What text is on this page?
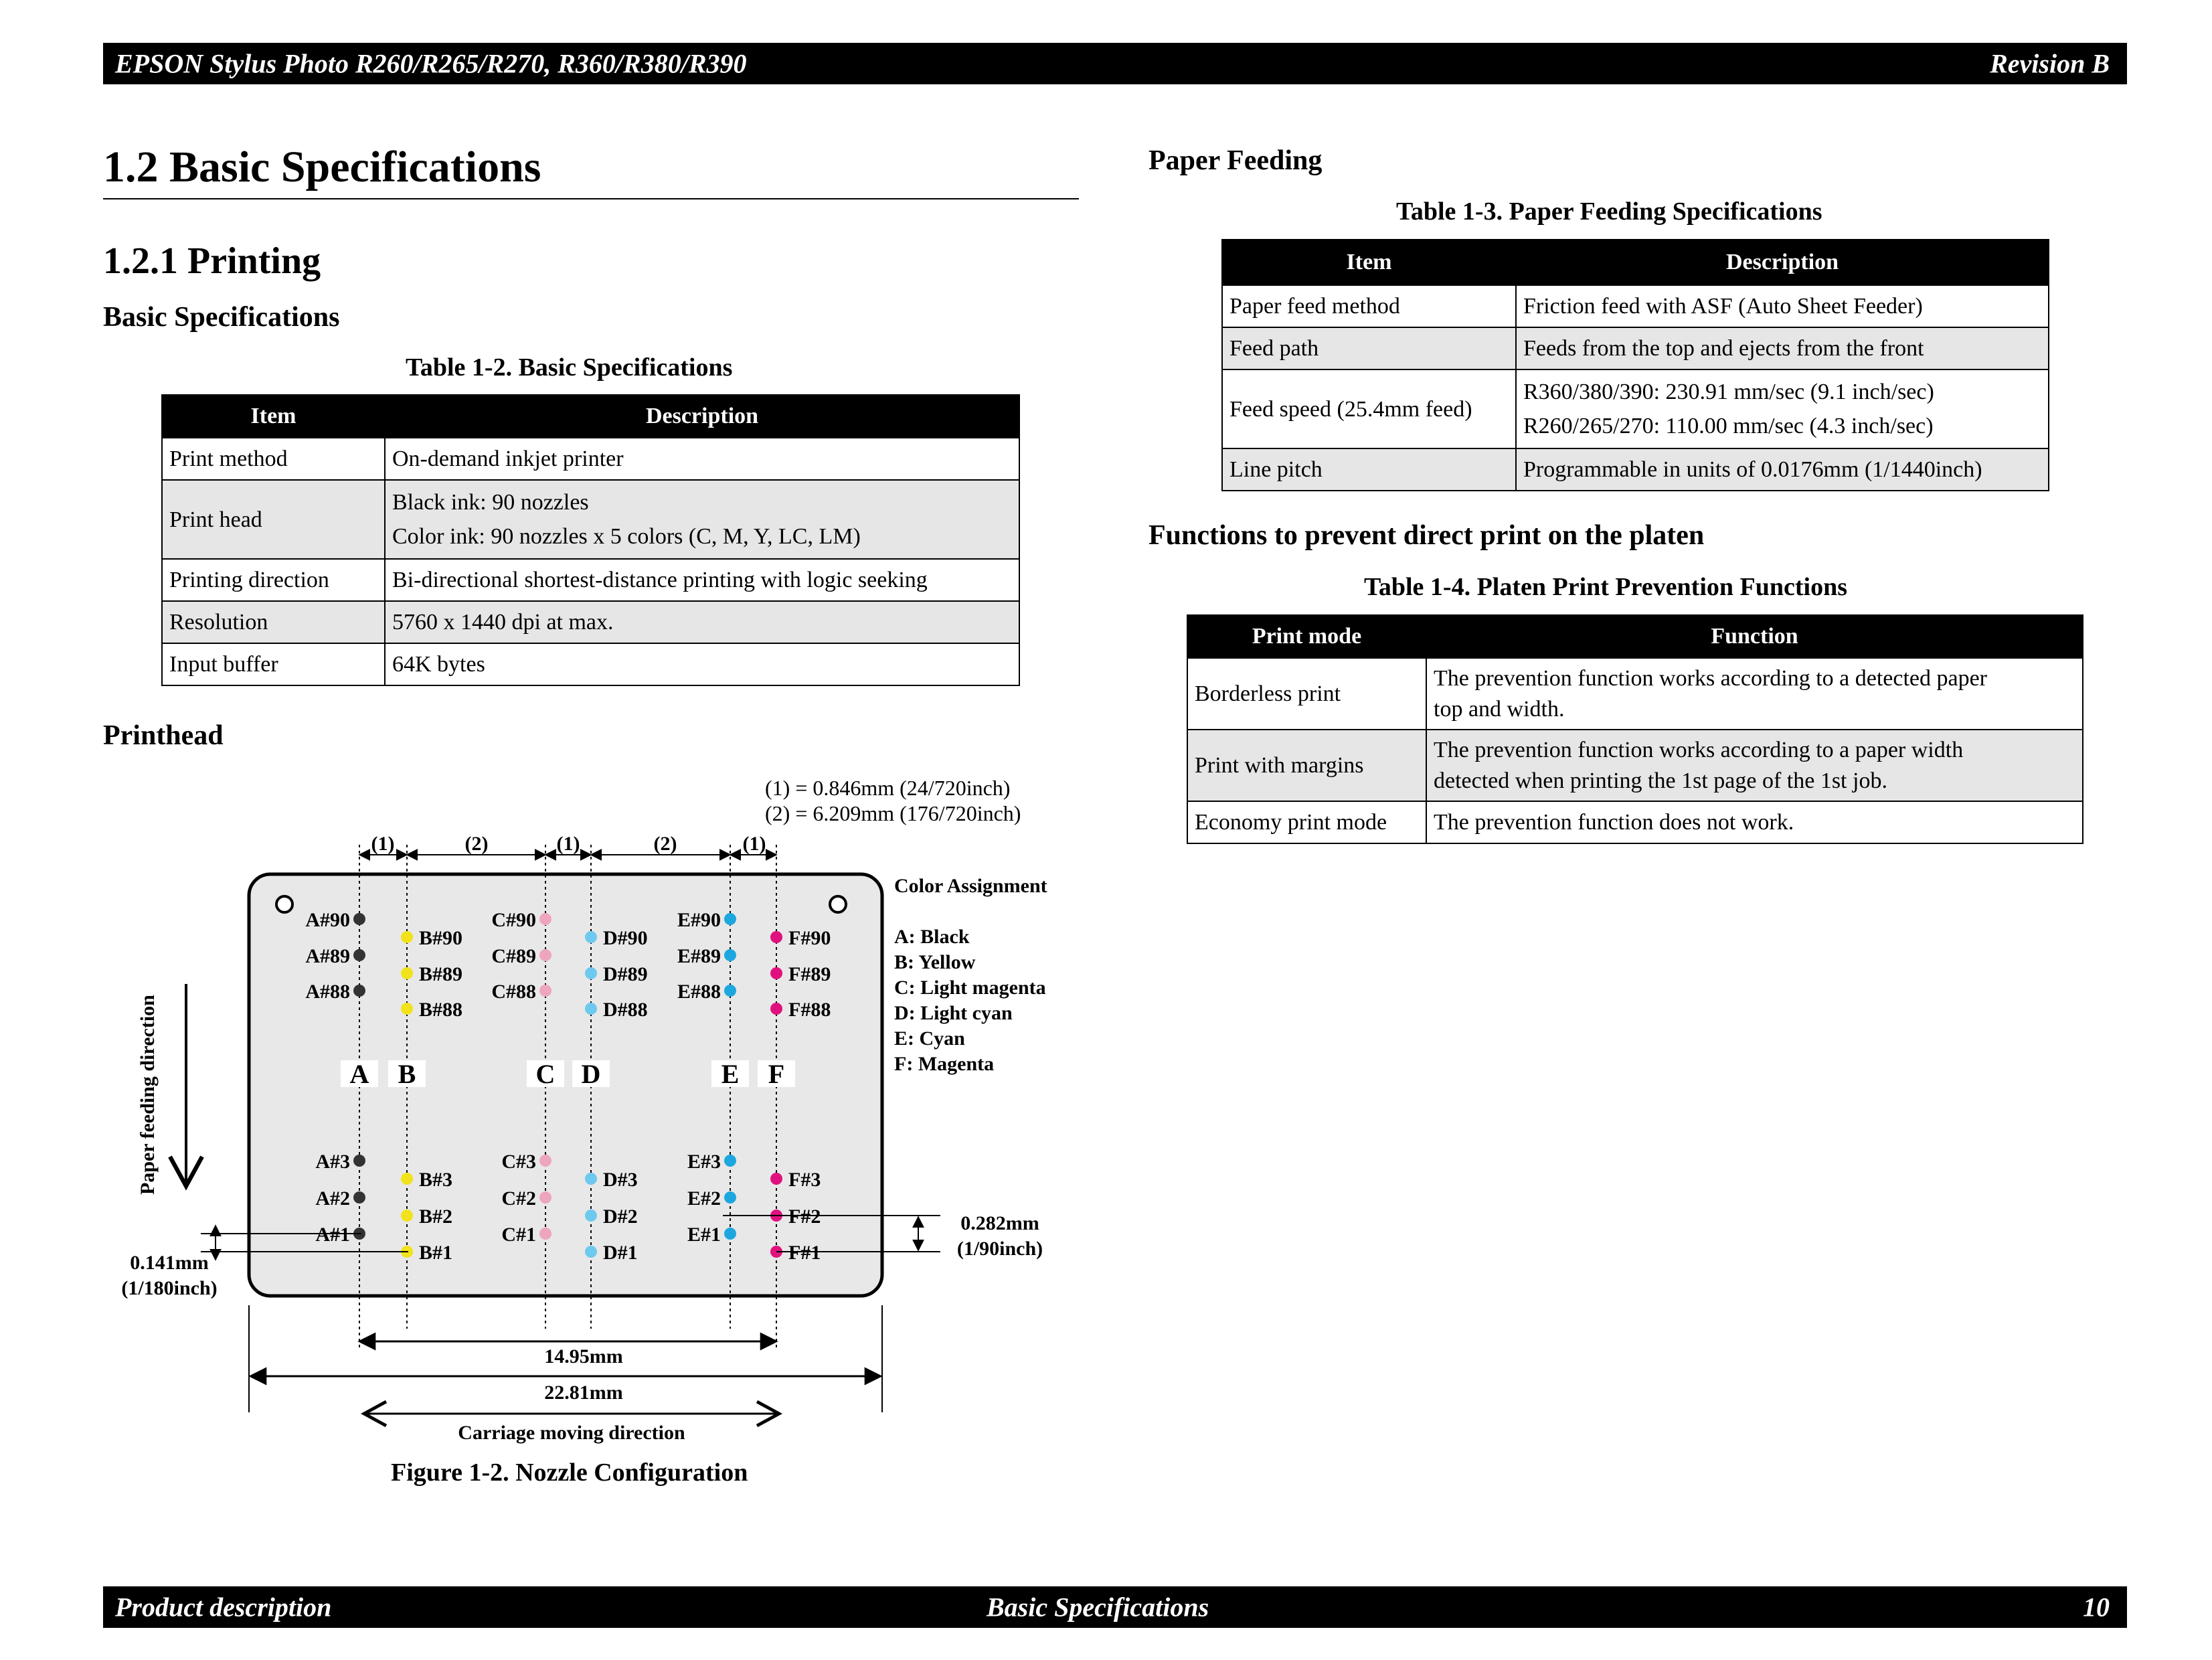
EPSON Stylus Photo R260/R265/R270, R360/R380/R390	Revision B
Product description	Basic Specifications	10
1.2 Basic Specifications
1.2.1 Printing
Basic Specifications
Table 1-2. Basic Specifications
Item	Description
Print method	On-demand inkjet printer

Print head	Black ink: 90 nozzles
Color ink: 90 nozzles x 5 colors (C, M, Y, LC, LM)

Printing direction	Bi-directional shortest-distance printing with logic seeking

Resolution	5760 x 1440 dpi at max.

Input buffer	64K bytes
Printhead
(1) = 0.846mm (24/720inch)
(2) = 6.209mm (176/720inch)
(1)	(2)	(1)	(2)	(1)
A#90
A#89
A#88
A#3
A#2
A#1
A
B#90
B#89
B#88
B#3
B#2
B#1
B
C#90
C#89
C#88
C#3
C#2
C#1
C
D#90
D#89
D#88
D#3
D#2
D#1
D
E#90
E#89
E#88
E#3
E#2
E#1
E
F#90
F#89
F#88
F#3
F#2
F#1
F
Paper feeding direction
Color Assignment
A: Black
B: Yellow
C: Light magenta
D: Light cyan
E: Cyan
F: Magenta
0.141mm
(1/180inch)
0.282mm
(1/90inch)
14.95mm
22.81mm
Carriage moving direction
Figure 1-2. Nozzle Configuration
Paper Feeding
Table 1-3. Paper Feeding Specifications
Item	Description
Paper feed method	Friction feed with ASF (Auto Sheet Feeder)

Feed path	Feeds from the top and ejects from the front

Feed speed (25.4mm feed)	R360/380/390: 230.91 mm/sec (9.1 inch/sec)
R260/265/270: 110.00 mm/sec (4.3 inch/sec)

Line pitch	Programmable in units of 0.0176mm (1/1440inch)
Functions to prevent direct print on the platen
Table 1-4. Platen Print Prevention Functions
Print mode	Function
Borderless print	The prevention function works according to a detected paper
top and width.

Print with margins	The prevention function works according to a paper width
detected when printing the 1st page of the 1st job.

Economy print mode	The prevention function does not work.
